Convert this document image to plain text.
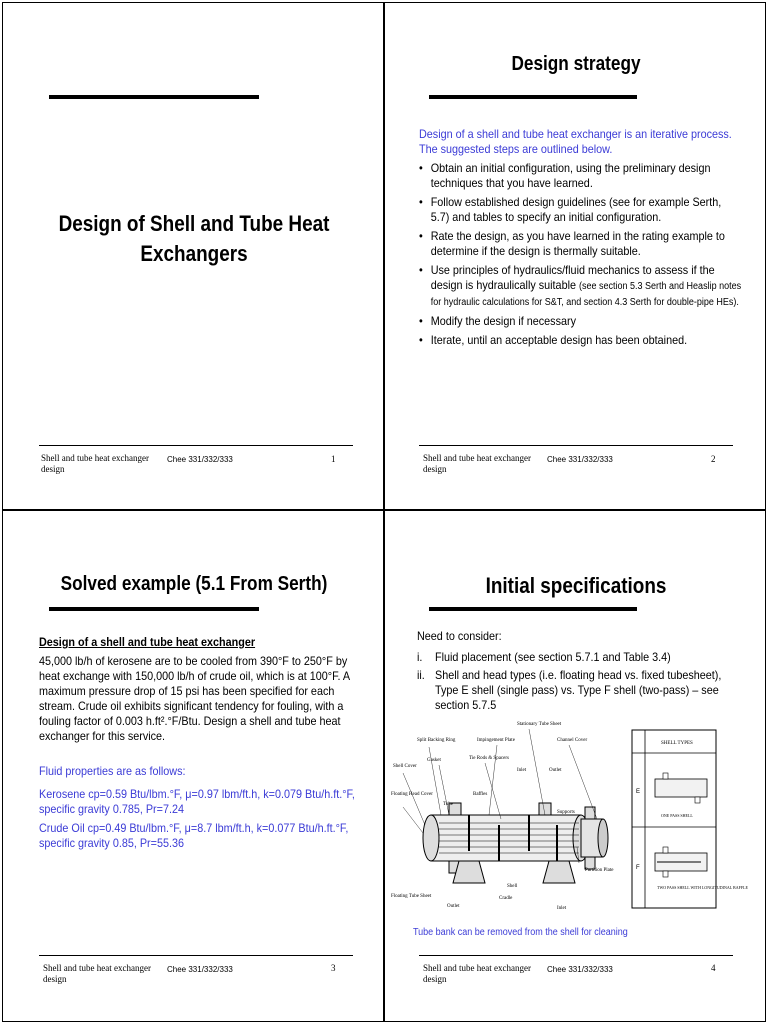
Design of Shell and Tube Heat
Exchangers
Shell and tube heat exchanger
design
Chee 331/332/333	1
Design strategy
Design of a shell and tube heat exchanger is an iterative process. The suggested steps are outlined below.
• Obtain an initial configuration, using the preliminary design techniques that you have learned.
• Follow established design guidelines (see for example Serth, 5.7) and tables to specify an initial configuration.
• Rate the design, as you have learned in the rating example to determine if the design is thermally suitable.
• Use principles of hydraulics/fluid mechanics to assess if the design is hydraulically suitable (see section 5.3 Serth and Heaslip notes for hydraulic calculations for S&T, and section 4.3 Serth for double-pipe HEs).
• Modify the design if necessary
• Iterate, until an acceptable design has been obtained.
Shell and tube heat exchanger
design
Chee 331/332/333	2
Solved example (5.1 From Serth)
Design of a shell and tube heat exchanger
45,000 lb/h of kerosene are to be cooled from 390°F to 250°F by heat exchange with 150,000 lb/h of crude oil, which is at 100°F. A maximum pressure drop of 15 psi has been specified for each stream. Crude oil exhibits significant tendency for fouling, with a fouling factor of 0.003 h.ft².°F/Btu. Design a shell and tube heat exchanger for this service.
Fluid properties are as follows:
Kerosene cp=0.59 Btu/lbm.°F, μ=0.97 lbm/ft.h, k=0.079 Btu/h.ft.°F, specific gravity 0.785, Pr=7.24
Crude Oil cp=0.49 Btu/lbm.°F, μ=8.7 lbm/ft.h, k=0.077 Btu/h.ft.°F, specific gravity 0.85, Pr=55.36
Shell and tube heat exchanger
design
Chee 331/332/333	3
Initial specifications
Need to consider:
i. Fluid placement (see section 5.7.1 and Table 3.4)
ii. Shell and head types (i.e. floating head vs. fixed tubesheet), Type E shell (single pass) vs. Type F shell (two-pass) – see section 5.7.5
Stationary Tube Sheet
Split Backing Ring	Impingement Plate	Channel Cover
Shell Cover
Gasket	Tie Rods & Spacers
Inlet	Outlet
Floating Head Cover	Baffles
Tube
Supports
Partition Plate
Shell
Cradle
Floating Tube Sheet
Outlet	Inlet
SHELL TYPES
E
F
ONE PASS SHELL
TWO PASS SHELL WITH LONGITUDINAL BAFFLE
Tube bank can be removed from the shell for cleaning
Shell and tube heat exchanger
design
Chee 331/332/333	4
